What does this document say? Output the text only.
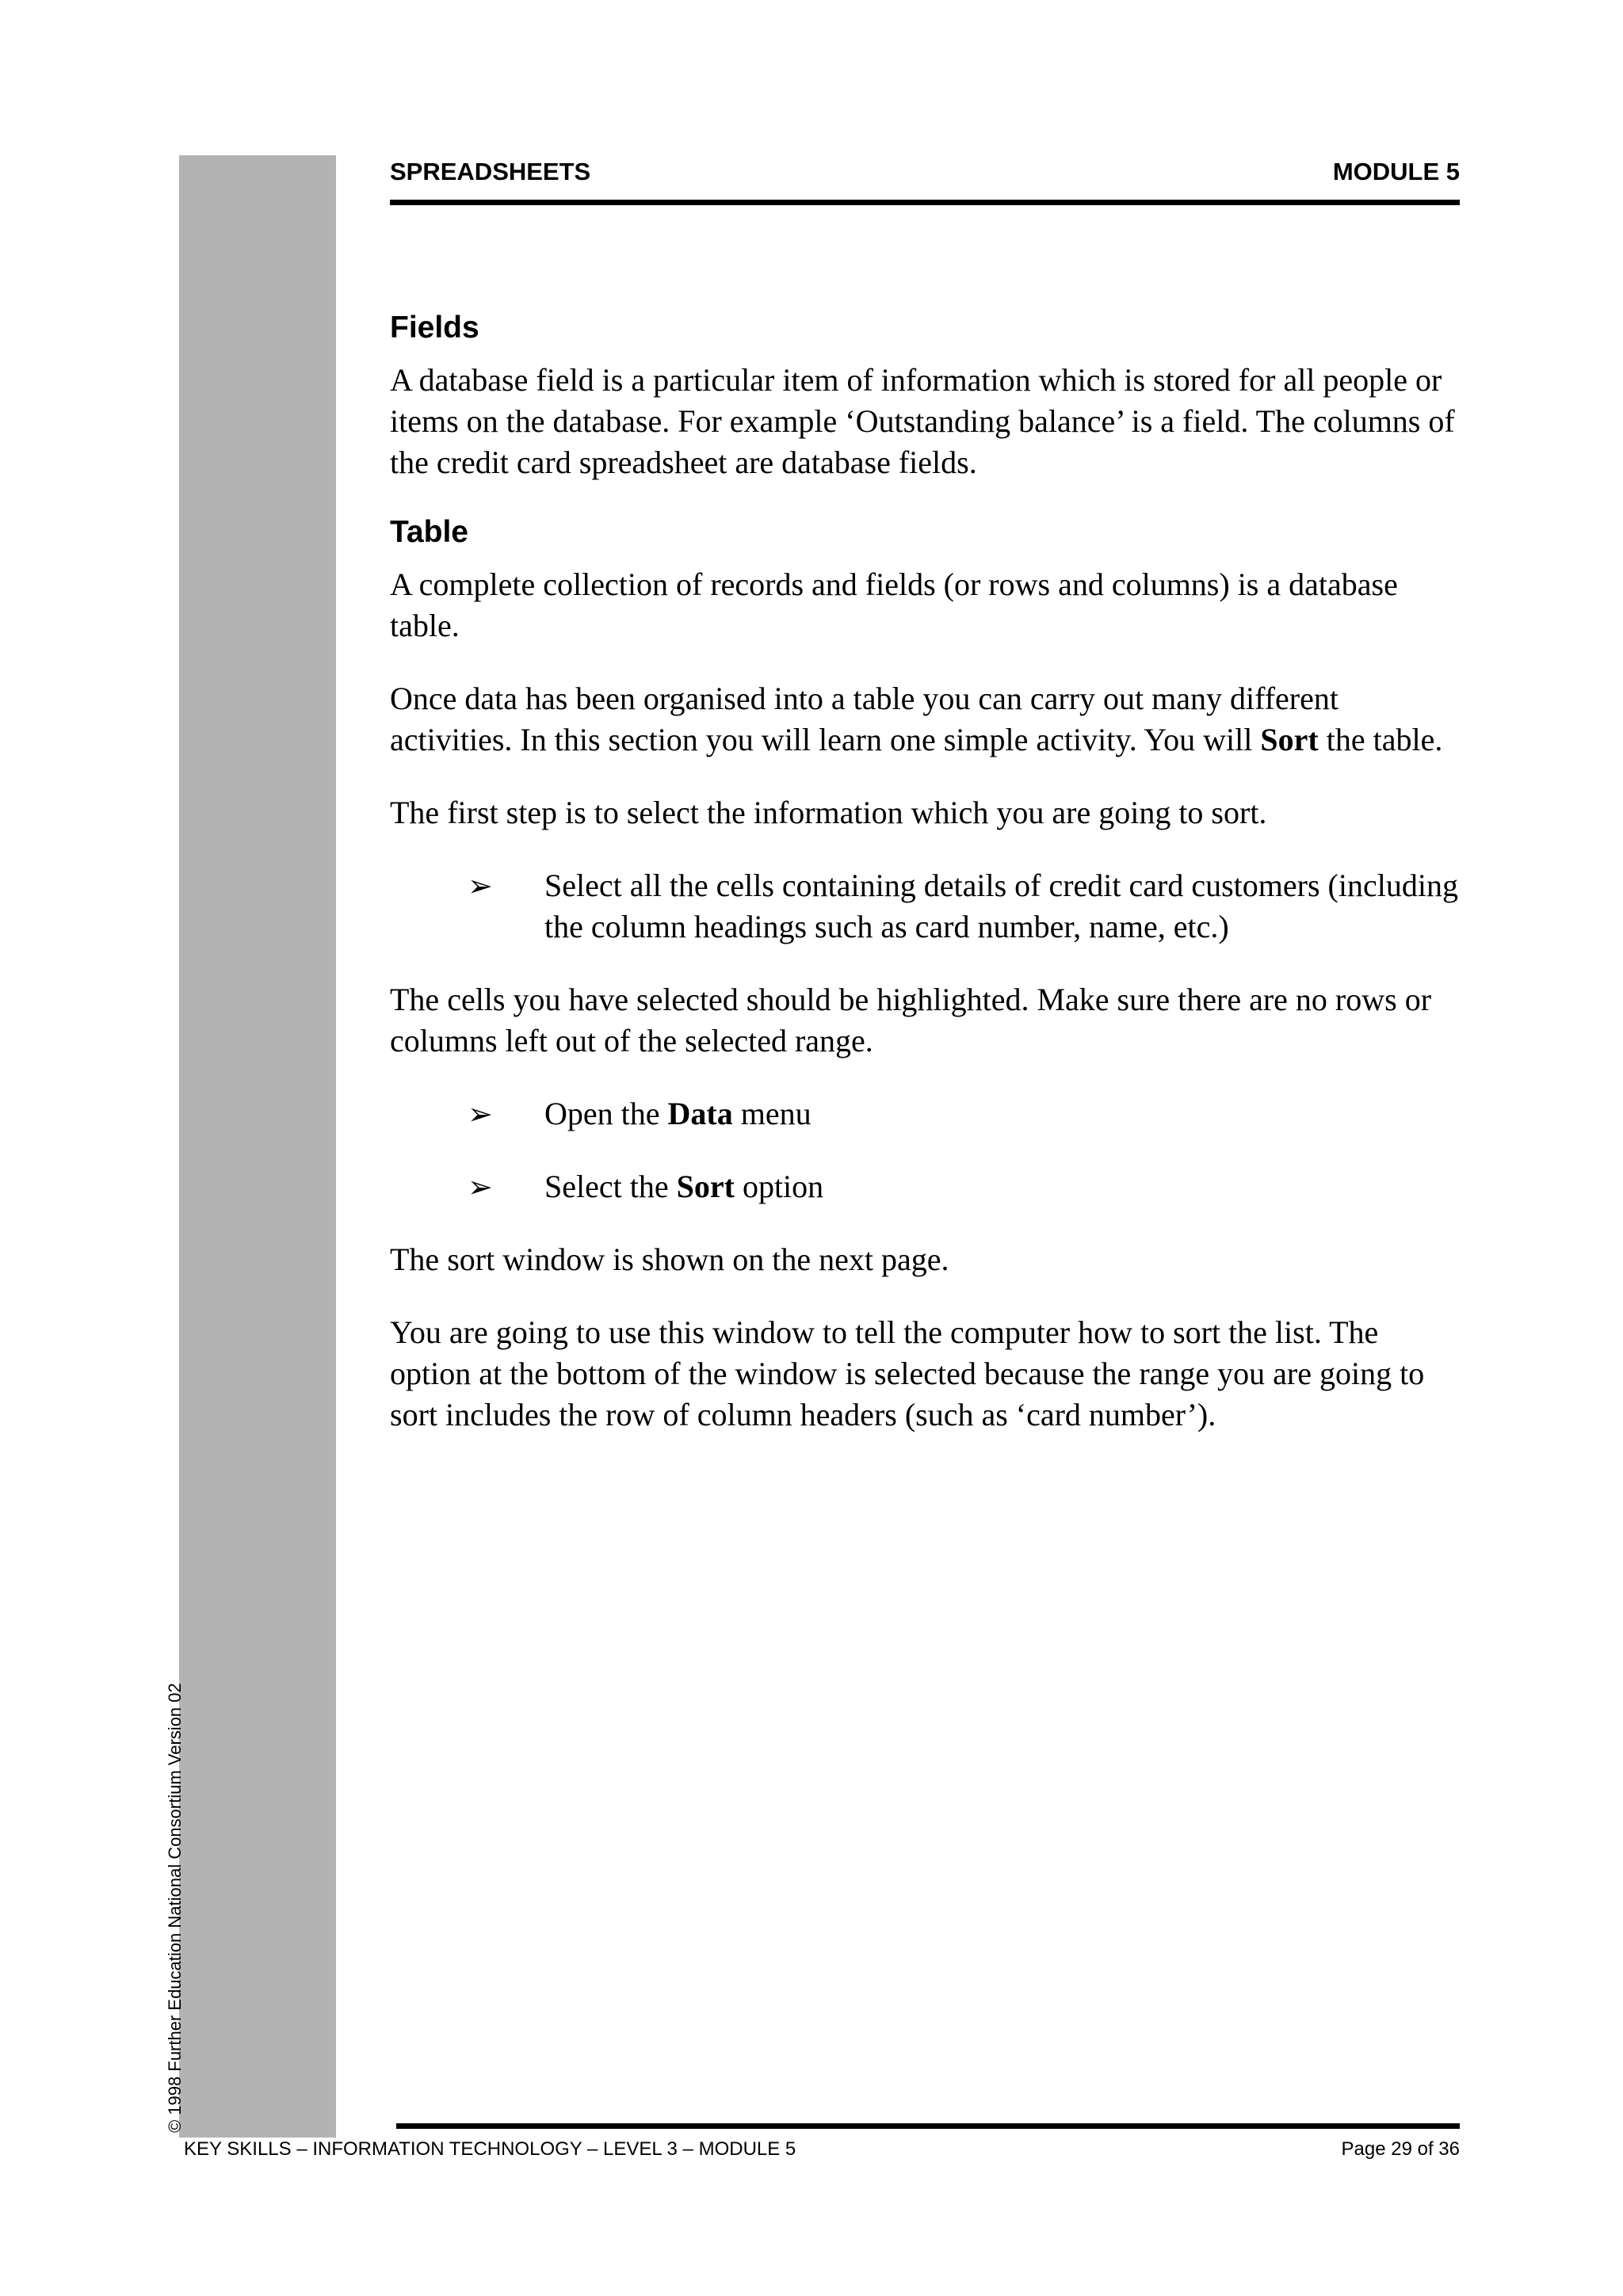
© 1998 Further Education National Consortium Version 02

SPREADSHEETS	MODULE 5
Fields

A database field is a particular item of information which is stored for all people or items on the database. For example ‘Outstanding balance’ is a field. The columns of the credit card spreadsheet are database fields.

Table

A complete collection of records and fields (or rows and columns) is a database table.

Once data has been organised into a table you can carry out many different activities. In this section you will learn one simple activity. You will Sort the table.

The first step is to select the information which you are going to sort.

➢ Select all the cells containing details of credit card customers (including the column headings such as card number, name, etc.)

The cells you have selected should be highlighted. Make sure there are no rows or columns left out of the selected range.

➢ Open the Data menu
➢ Select the Sort option

The sort window is shown on the next page.

You are going to use this window to tell the computer how to sort the list. The option at the bottom of the window is selected because the range you are going to sort includes the row of column headers (such as ‘card number’).

KEY SKILLS – INFORMATION TECHNOLOGY – LEVEL 3 – MODULE 5	Page 29 of 36
